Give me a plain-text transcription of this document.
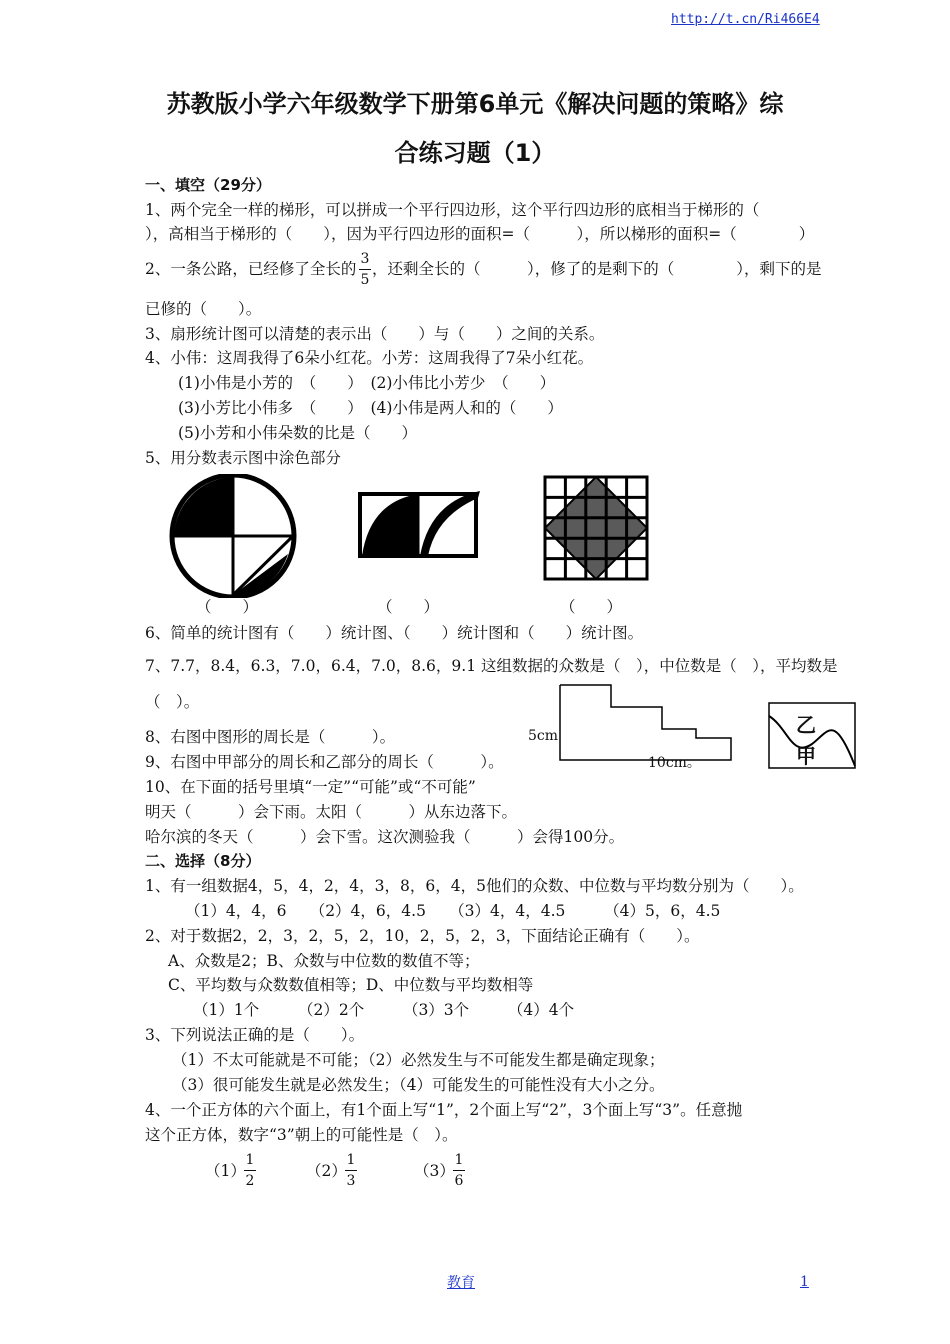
http://t.cn/Ri466E4
苏教版小学六年级数学下册第6单元《解决问题的策略》综
合练习题（1）
一、填空（29分）
1、两个完全一样的梯形，可以拼成一个平行四边形，这个平行四边形的底相当于梯形的（
），高相当于梯形的（　　），因为平行四边形的面积=（　　　），所以梯形的面积=（　　　　）
2、一条公路，已经修了全长的
3
5
，还剩全长的（　　　），修了的是剩下的（　　　　），剩下的是
已修的（　　）。
3、扇形统计图可以清楚的表示出（　　）与（　　）之间的关系。
4、小伟：这周我得了6朵小红花。小芳：这周我得了7朵小红花。
(1)小伟是小芳的　（　　）　(2)小伟比小芳少　（　　）
(3)小芳比小伟多　（　　）　(4)小伟是两人和的（　　）
(5)小芳和小伟朵数的比是（　　）
5、用分数表示图中涂色部分
（　　）	（　　）	（　　）
6、简单的统计图有（　　）统计图、（　　）统计图和（　　）统计图。
7、7.7，8.4，6.3，7.0，6.4，7.0，8.6，9.1 这组数据的众数是（　），中位数是（　），平均数是
（　）。
5cm
10cm。
乙
甲
8、右图中图形的周长是（　　　）。
9、右图中甲部分的周长和乙部分的周长（　　　）。
10、在下面的括号里填“一定”“可能”或“不可能”
明天（　　　）会下雨。太阳（　　　）从东边落下。
哈尔滨的冬天（　　　）会下雪。这次测验我（　　　）会得100分。
二、选择（8分）
1、有一组数据4，5，4，2，4，3，8，6，4，5他们的众数、中位数与平均数分别为（　　）。
（1）4，4，6　　（2）4，6，4.5　　（3）4，4，4.5　　　（4）5，6，4.5
2、对于数据2，2，3，2，5，2，10，2，5，2，3，下面结论正确有（　　）。
A、众数是2；B、众数与中位数的数值不等；
C、平均数与众数数值相等；D、中位数与平均数相等
（1）1个　　　（2）2个　　　（3）3个　　　（4）4个
3、下列说法正确的是（　　）。
（1）不太可能就是不可能；（2）必然发生与不可能发生都是确定现象；
（3）很可能发生就是必然发生；（4）可能发生的可能性没有大小之分。
4、一个正方体的六个面上，有1个面上写“1”，2个面上写“2”，3个面上写“3”。任意抛
这个正方体，数字“3”朝上的可能性是（　）。
（1）
1
2
（2）
1
3
（3）
1
6
教育	1
